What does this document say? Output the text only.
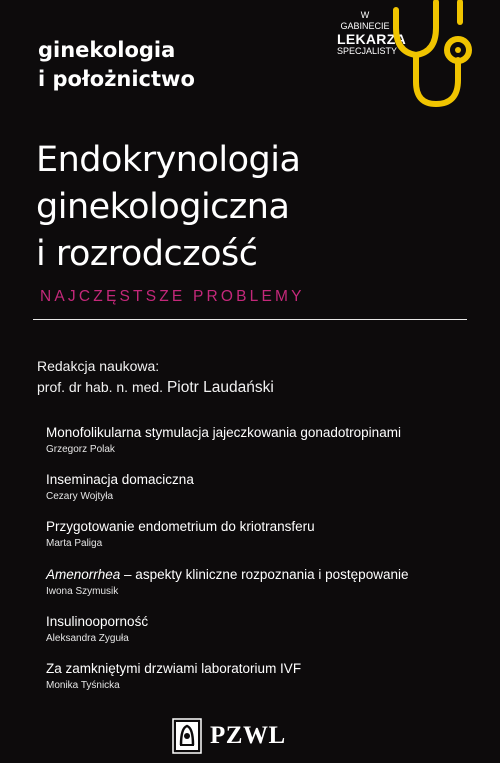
ginekologia
i położnictwo
W GABINECIE
LEKARZA
SPECJALISTY
Endokrynologia
ginekologiczna
i rozrodczość
NAJCZĘSTSZE PROBLEMY
Redakcja naukowa:
prof. dr hab. n. med. Piotr Laudański
Monofolikularna stymulacja jajeczkowania gonadotropinami
Grzegorz Polak
Inseminacja domaciczna
Cezary Wojtyła
Przygotowanie endometrium do kriotransferu
Marta Paliga
Amenorrhea – aspekty kliniczne rozpoznania i postępowanie
Iwona Szymusik
Insulinooporność
Aleksandra Zyguła
Za zamkniętymi drzwiami laboratorium IVF
Monika Tyśnicka
PZWL
